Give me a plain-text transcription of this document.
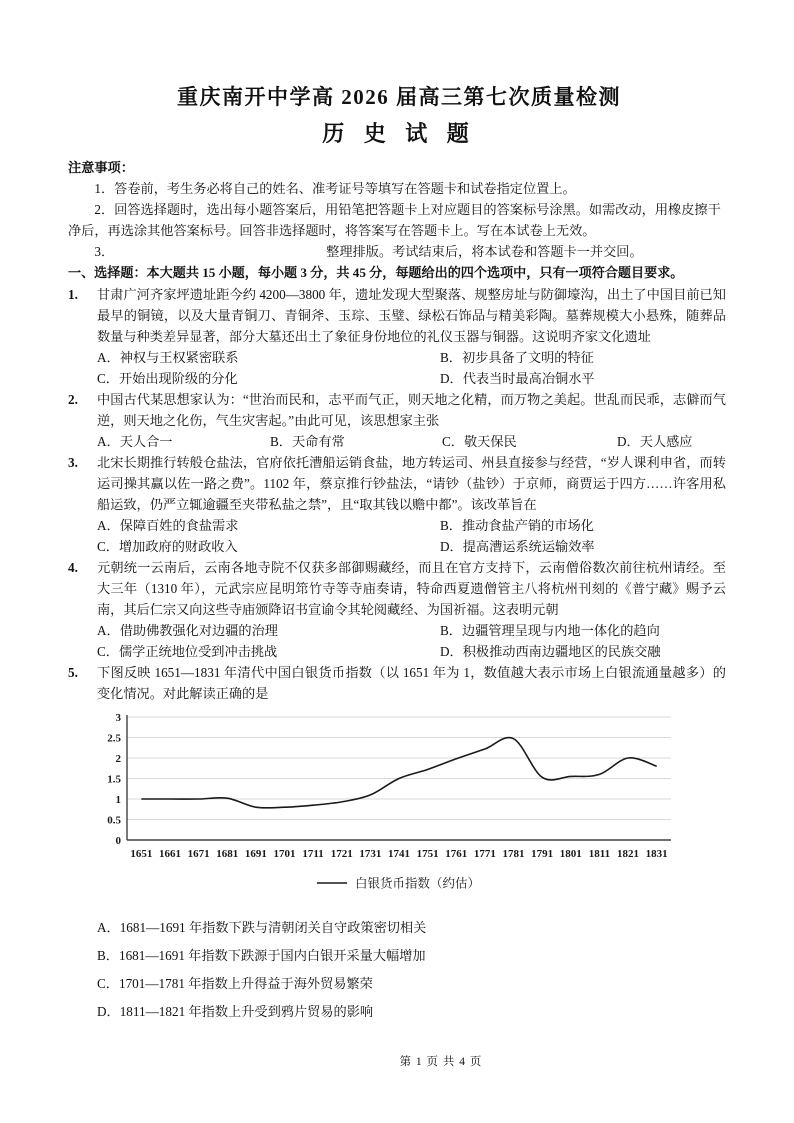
重庆南开中学高 2026 届高三第七次质量检测
历 史 试 题
注意事项：

1．答卷前，考生务必将自己的姓名、准考证号等填写在答题卡和试卷指定位置上。

2．回答选择题时，选出每小题答案后，用铅笔把答题卡上对应题目的答案标号涂黑。如需改动，用橡皮擦干净后，再选涂其他答案标号。回答非选择题时，将答案写在答题卡上。写在本试卷上无效。

3．	整理排版。考试结束后，将本试卷和答题卡一并交回。

一、选择题：本大题共 15 小题，每小题 3 分，共 45 分，每题给出的四个选项中，只有一项符合题目要求。

1.	甘肃广河齐家坪遗址距今约 4200—3800 年，遗址发现大型聚落、规整房址与防御壕沟，出土了中国目前已知最早的铜镜，以及大量青铜刀、青铜斧、玉琮、玉璧、绿松石饰品与精美彩陶。墓葬规模大小悬殊，随葬品数量与种类差异显著，部分大墓还出土了象征身份地位的礼仪玉器与铜器。这说明齐家文化遗址

A．神权与王权紧密联系	B．初步具备了文明的特征
C．开始出现阶级的分化	D．代表当时最高冶铜水平
2.	中国古代某思想家认为：“世治而民和，志平而气正，则天地之化精，而万物之美起。世乱而民乖，志僻而气逆，则天地之化伤，气生灾害起。”由此可见，该思想家主张

A．天人合一	B．天命有常	C．敬天保民	D．天人感应
3.	北宋长期推行转般仓盐法，官府依托漕船运销食盐，地方转运司、州县直接参与经营，“岁人课利申省，而转运司操其赢以佐一路之费”。1102 年，蔡京推行钞盐法，“请钞（盐钞）于京师，商贾运于四方……许客用私船运致，仍严立辄逾疆至夹带私盐之禁”，且“取其钱以赡中都”。该改革旨在

A．保障百姓的食盐需求	B．推动食盐产销的市场化
C．增加政府的财政收入	D．提高漕运系统运输效率
4.	元朝统一云南后，云南各地寺院不仅获多部御赐藏经，而且在官方支持下，云南僧俗数次前往杭州请经。至大三年（1310 年），元武宗应昆明筇竹寺等寺庙奏请，特命西夏遗僧管主八将杭州刊刻的《普宁藏》赐予云南，其后仁宗又向这些寺庙颁降诏书宣谕令其轮阅藏经、为国祈福。这表明元朝

A．借助佛教强化对边疆的治理	B．边疆管理呈现与内地一体化的趋向
C．儒学正统地位受到冲击挑战	D．积极推动西南边疆地区的民族交融
5.	下图反映 1651—1831 年清代中国白银货币指数（以 1651 年为 1，数值越大表示市场上白银流通量越多）的变化情况。对此解读正确的是

0
0.5
1
1.5
2
2.5
3
1651 1661 1671 1681 1691 1701 1711 1721 1731 1741 1751 1761 1771 1781 1791 1801 1811 1821 1831
白银货币指数（约估）
A．1681—1691 年指数下跌与清朝闭关自守政策密切相关
B．1681—1691 年指数下跌源于国内白银开采量大幅增加
C．1701—1781 年指数上升得益于海外贸易繁荣
D．1811—1821 年指数上升受到鸦片贸易的影响
第 1 页 共 4 页
